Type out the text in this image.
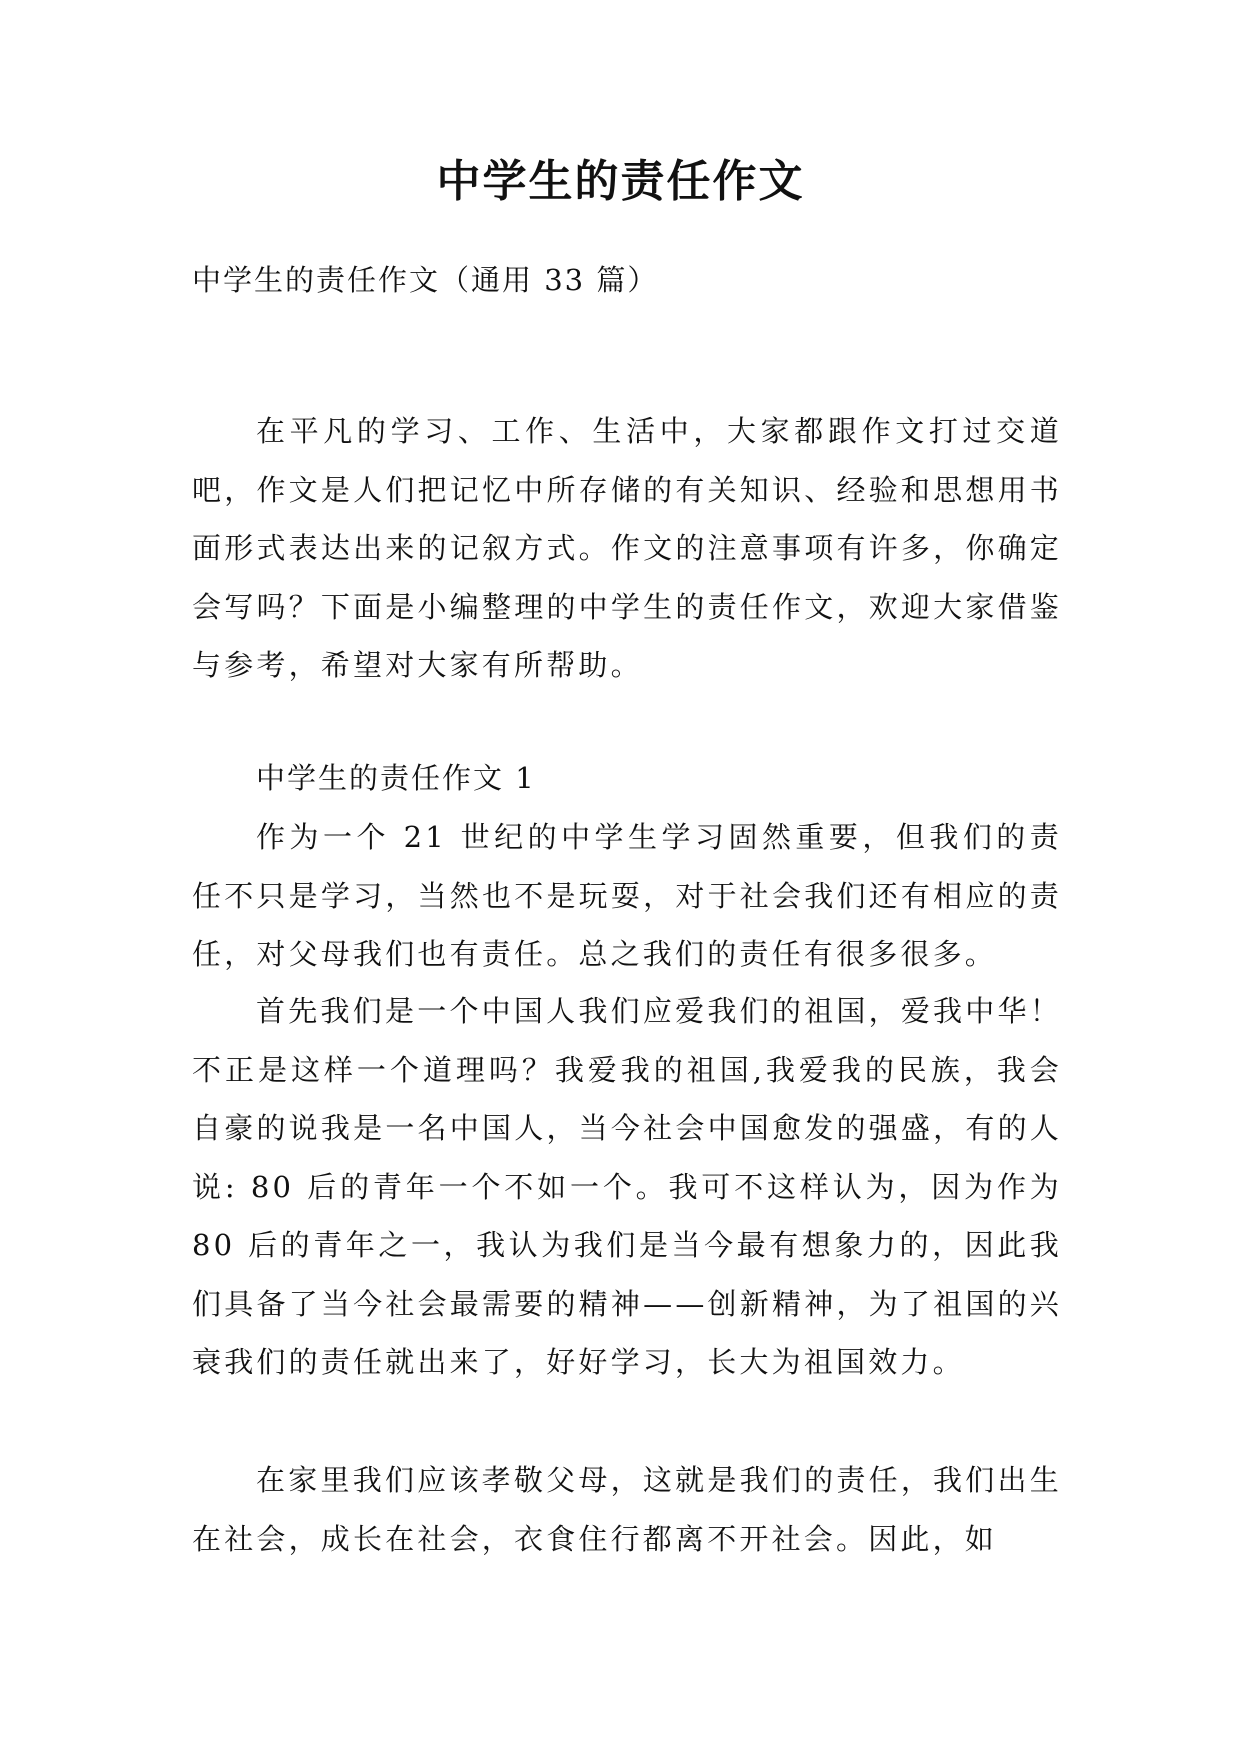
中学生的责任作文
中学生的责任作文（通用 33 篇）
在平凡的学习、工作、生活中，大家都跟作文打过交道吧，作文是人们把记忆中所存储的有关知识、经验和思想用书面形式表达出来的记叙方式。作文的注意事项有许多，你确定会写吗？下面是小编整理的中学生的责任作文，欢迎大家借鉴与参考，希望对大家有所帮助。
中学生的责任作文 1
作为一个 21 世纪的中学生学习固然重要，但我们的责任不只是学习，当然也不是玩耍，对于社会我们还有相应的责任，对父母我们也有责任。总之我们的责任有很多很多。
首先我们是一个中国人我们应爱我们的祖国，爱我中华！不正是这样一个道理吗？我爱我的祖国,我爱我的民族，我会自豪的说我是一名中国人，当今社会中国愈发的强盛，有的人说: 80 后的青年一个不如一个。我可不这样认为，因为作为 80 后的青年之一，我认为我们是当今最有想象力的，因此我们具备了当今社会最需要的精神——创新精神，为了祖国的兴衰我们的责任就出来了，好好学习，长大为祖国效力。
在家里我们应该孝敬父母，这就是我们的责任，我们出生在社会，成长在社会，衣食住行都离不开社会。因此，如
